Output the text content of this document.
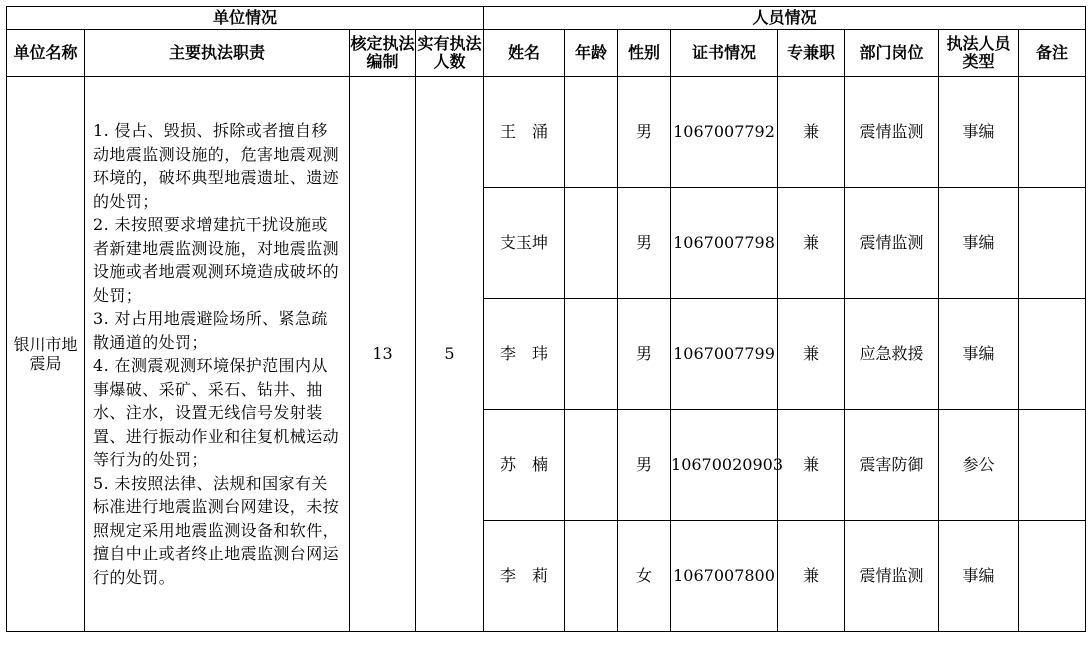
单位情况				人员情况							
单位名称	主要执法职责	核定执法编制	实有执法人数	姓名	年龄	性别	证书情况	专兼职	部门岗位	执法人员类型	备注
银川市地震局	1. 侵占、毁损、拆除或者擅自移动地震监测设施的，危害地震观测环境的，破坏典型地震遗址、遗迹的处罚；
2. 未按照要求增建抗干扰设施或者新建地震监测设施，对地震监测设施或者地震观测环境造成破坏的处罚；
3. 对占用地震避险场所、紧急疏散通道的处罚；
4. 在测震观测环境保护范围内从事爆破、采矿、采石、钻井、抽水、注水，设置无线信号发射装置、进行振动作业和往复机械运动等行为的处罚；
5. 未按照法律、法规和国家有关标准进行地震监测台网建设，未按照规定采用地震监测设备和软件，擅自中止或者终止地震监测台网运行的处罚。	13	5	王　涌		男	1067007792	兼	震情监测	事编	
				支玉坤		男	1067007798	兼	震情监测	事编	
				李　玮		男	1067007799	兼	应急救援	事编	
				苏　楠		男	10670020903	兼	震害防御	参公	
				李　莉		女	1067007800	兼	震情监测	事编	
